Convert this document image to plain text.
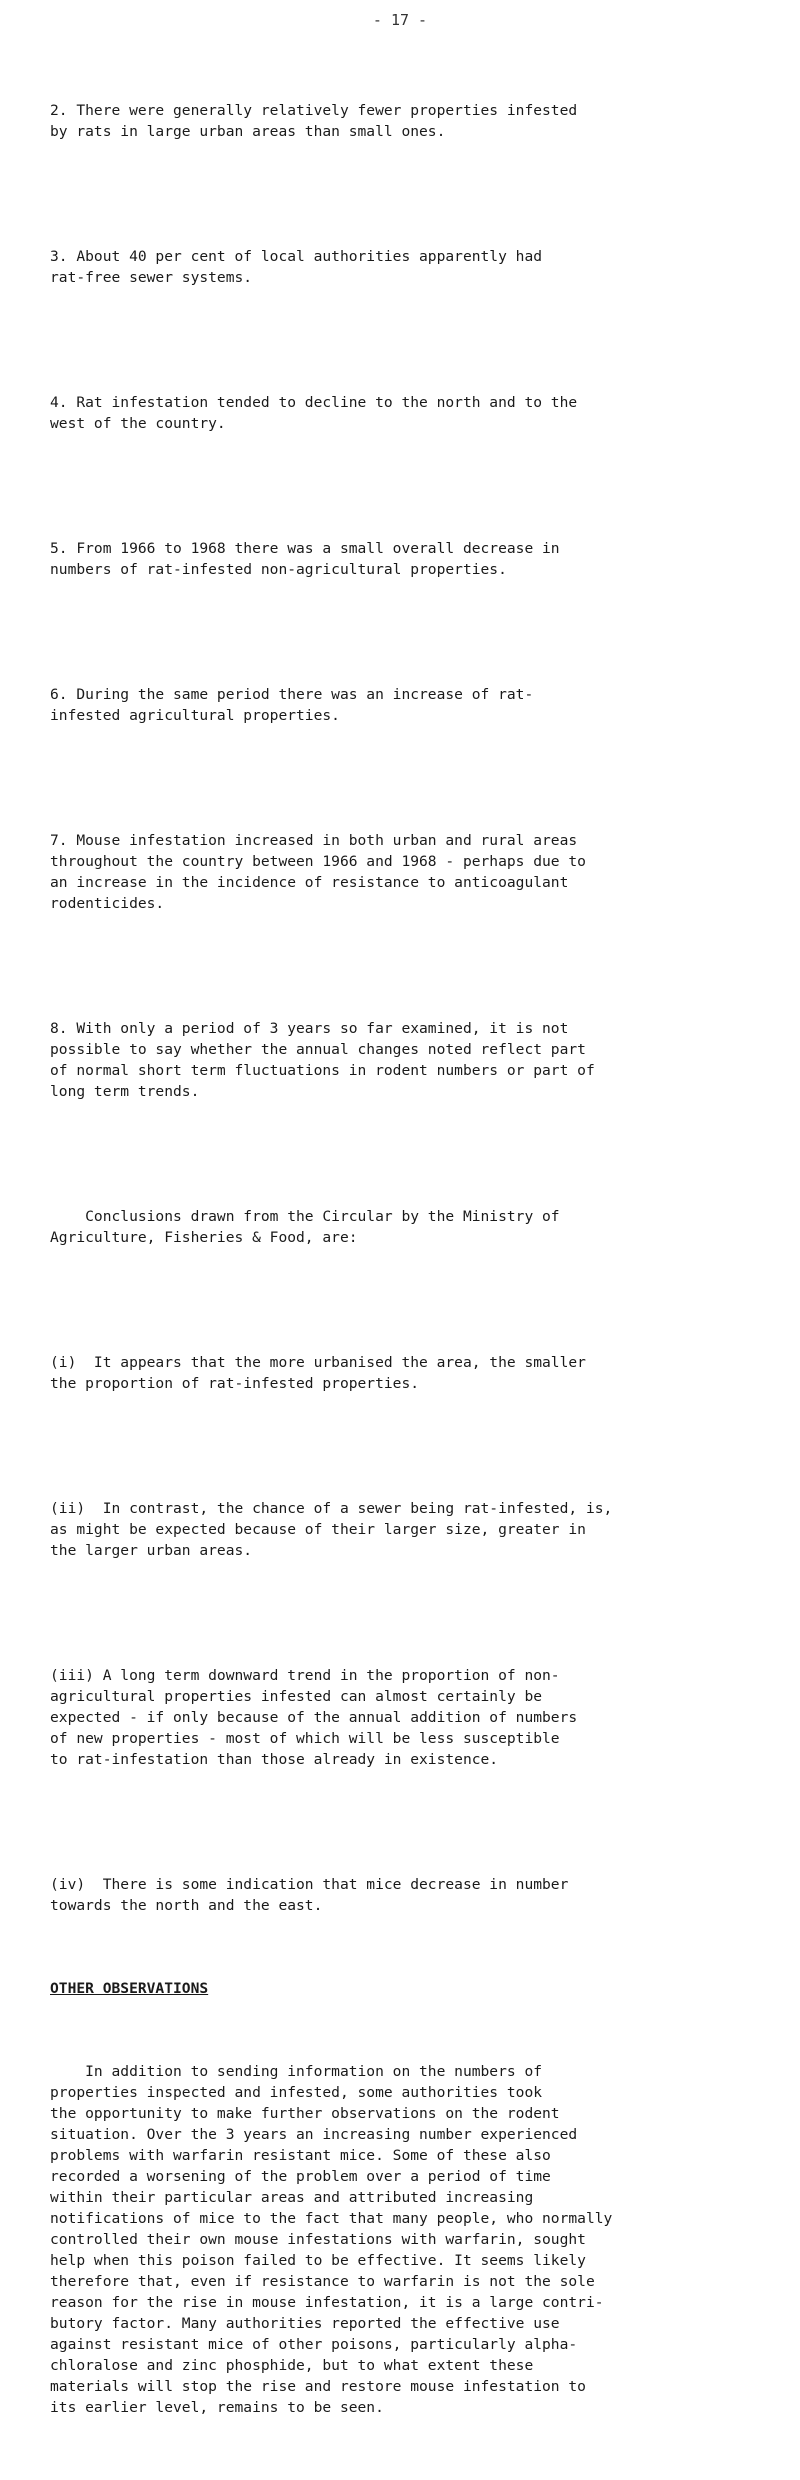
- 17 -

2. There were generally relatively fewer properties infested
by rats in large urban areas than small ones.

3. About 40 per cent of local authorities apparently had
rat-free sewer systems.

4. Rat infestation tended to decline to the north and to the
west of the country.

5. From 1966 to 1968 there was a small overall decrease in
numbers of rat-infested non-agricultural properties.

6. During the same period there was an increase of rat-
infested agricultural properties.

7. Mouse infestation increased in both urban and rural areas
throughout the country between 1966 and 1968 - perhaps due to
an increase in the incidence of resistance to anticoagulant
rodenticides.

8. With only a period of 3 years so far examined, it is not
possible to say whether the annual changes noted reflect part
of normal short term fluctuations in rodent numbers or part of
long term trends.

Conclusions drawn from the Circular by the Ministry of
Agriculture, Fisheries & Food, are:

(i)  It appears that the more urbanised the area, the smaller
the proportion of rat-infested properties.

(ii)  In contrast, the chance of a sewer being rat-infested, is,
as might be expected because of their larger size, greater in
the larger urban areas.

(iii) A long term downward trend in the proportion of non-
agricultural properties infested can almost certainly be
expected - if only because of the annual addition of numbers
of new properties - most of which will be less susceptible
to rat-infestation than those already in existence.

(iv)  There is some indication that mice decrease in number
towards the north and the east.

OTHER OBSERVATIONS

In addition to sending information on the numbers of
properties inspected and infested, some authorities took
the opportunity to make further observations on the rodent
situation. Over the 3 years an increasing number experienced
problems with warfarin resistant mice. Some of these also
recorded a worsening of the problem over a period of time
within their particular areas and attributed increasing
notifications of mice to the fact that many people, who normally
controlled their own mouse infestations with warfarin, sought
help when this poison failed to be effective. It seems likely
therefore that, even if resistance to warfarin is not the sole
reason for the rise in mouse infestation, it is a large contri-
butory factor. Many authorities reported the effective use
against resistant mice of other poisons, particularly alpha-
chloralose and zinc phosphide, but to what extent these
materials will stop the rise and restore mouse infestation to
its earlier level, remains to be seen.
